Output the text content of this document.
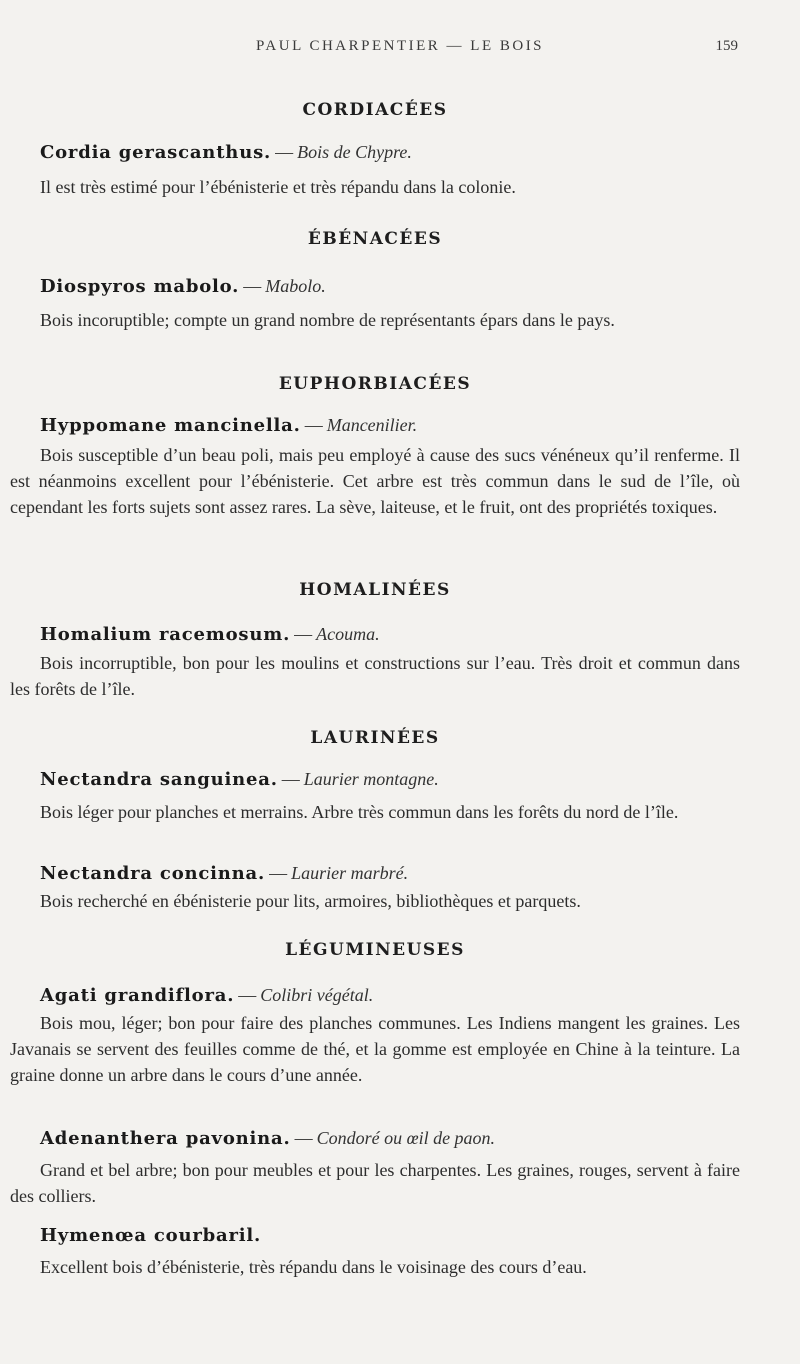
PAUL CHARPENTIER — LE BOIS	159
CORDIACÉES
Cordia gerascanthus. — Bois de Chypre.
Il est très estimé pour l’ébénisterie et très répandu dans la colonie.
ÉBÉNACÉES
Diospyros mabolo. — Mabolo.
Bois incoruptible; compte un grand nombre de représentants épars dans le pays.
EUPHORBIACÉES
Hyppomane mancinella. — Mancenilier.
Bois susceptible d’un beau poli, mais peu employé à cause des sucs vénéneux qu’il renferme. Il est néanmoins excellent pour l’ébénisterie. Cet arbre est très commun dans le sud de l’île, où cependant les forts sujets sont assez rares. La sève, laiteuse, et le fruit, ont des propriétés toxiques.
HOMALINÉES
Homalium racemosum. — Acouma.
Bois incorruptible, bon pour les moulins et constructions sur l’eau. Très droit et commun dans les forêts de l’île.
LAURINÉES
Nectandra sanguinea. — Laurier montagne.
Bois léger pour planches et merrains. Arbre très commun dans les forêts du nord de l’île.
Nectandra concinna. — Laurier marbré.
Bois recherché en ébénisterie pour lits, armoires, bibliothèques et parquets.
LÉGUMINEUSES
Agati grandiflora. — Colibri végétal.
Bois mou, léger; bon pour faire des planches communes. Les Indiens mangent les graines. Les Javanais se servent des feuilles comme de thé, et la gomme est employée en Chine à la teinture. La graine donne un arbre dans le cours d’une année.
Adenanthera pavonina. — Condoré ou œil de paon.
Grand et bel arbre; bon pour meubles et pour les charpentes. Les graines, rouges, servent à faire des colliers.
Hymenœa courbaril.
Excellent bois d’ébénisterie, très répandu dans le voisinage des cours d’eau.
